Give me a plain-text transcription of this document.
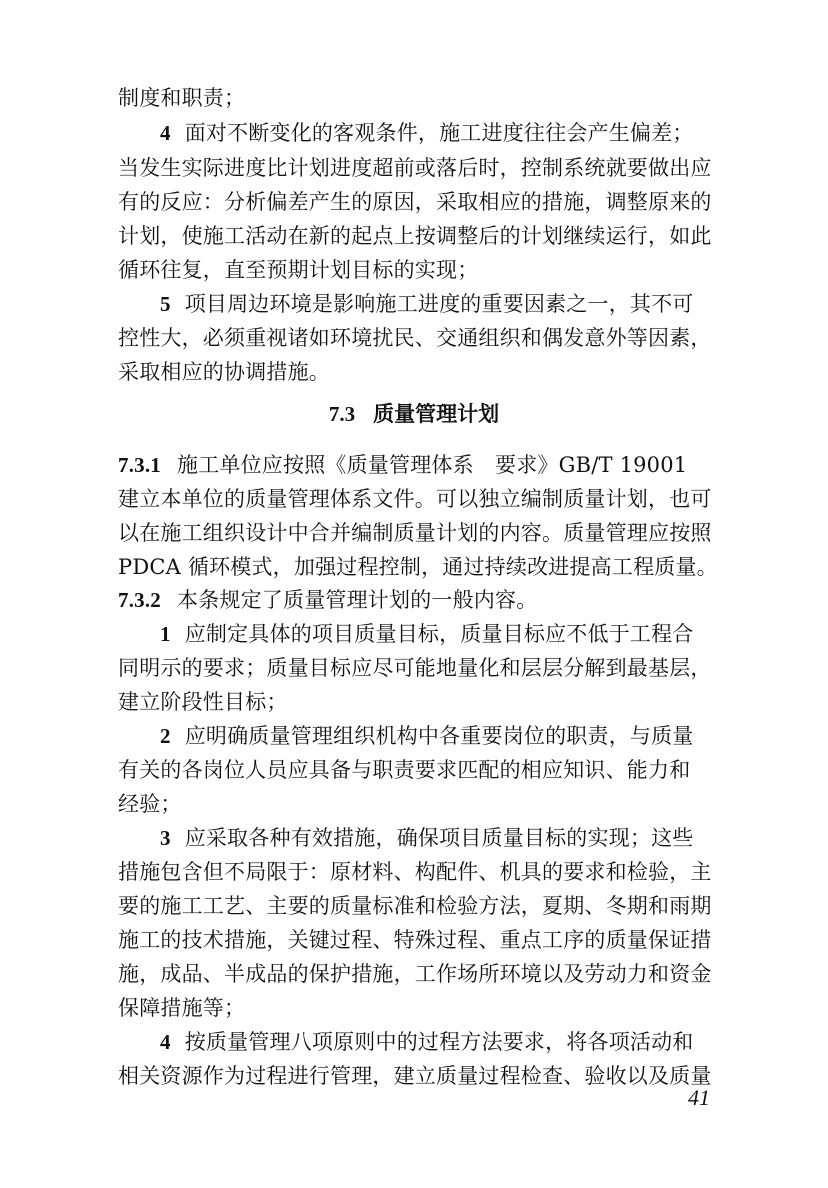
制度和职责；
4 面对不断变化的客观条件，施工进度往往会产生偏差；
当发生实际进度比计划进度超前或落后时，控制系统就要做出应
有的反应：分析偏差产生的原因，采取相应的措施，调整原来的
计划，使施工活动在新的起点上按调整后的计划继续运行，如此
循环往复，直至预期计划目标的实现；
5 项目周边环境是影响施工进度的重要因素之一，其不可
控性大，必须重视诸如环境扰民、交通组织和偶发意外等因素，
采取相应的协调措施。
7.3 质量管理计划
7.3.1 施工单位应按照《质量管理体系　要求》GB/T 19001
建立本单位的质量管理体系文件。可以独立编制质量计划，也可
以在施工组织设计中合并编制质量计划的内容。质量管理应按照
PDCA 循环模式，加强过程控制，通过持续改进提高工程质量。
7.3.2 本条规定了质量管理计划的一般内容。
1 应制定具体的项目质量目标，质量目标应不低于工程合
同明示的要求；质量目标应尽可能地量化和层层分解到最基层，
建立阶段性目标；
2 应明确质量管理组织机构中各重要岗位的职责，与质量
有关的各岗位人员应具备与职责要求匹配的相应知识、能力和
经验；
3 应采取各种有效措施，确保项目质量目标的实现；这些
措施包含但不局限于：原材料、构配件、机具的要求和检验，主
要的施工工艺、主要的质量标准和检验方法，夏期、冬期和雨期
施工的技术措施，关键过程、特殊过程、重点工序的质量保证措
施，成品、半成品的保护措施，工作场所环境以及劳动力和资金
保障措施等；
4 按质量管理八项原则中的过程方法要求，将各项活动和
相关资源作为过程进行管理，建立质量过程检查、验收以及质量
41
